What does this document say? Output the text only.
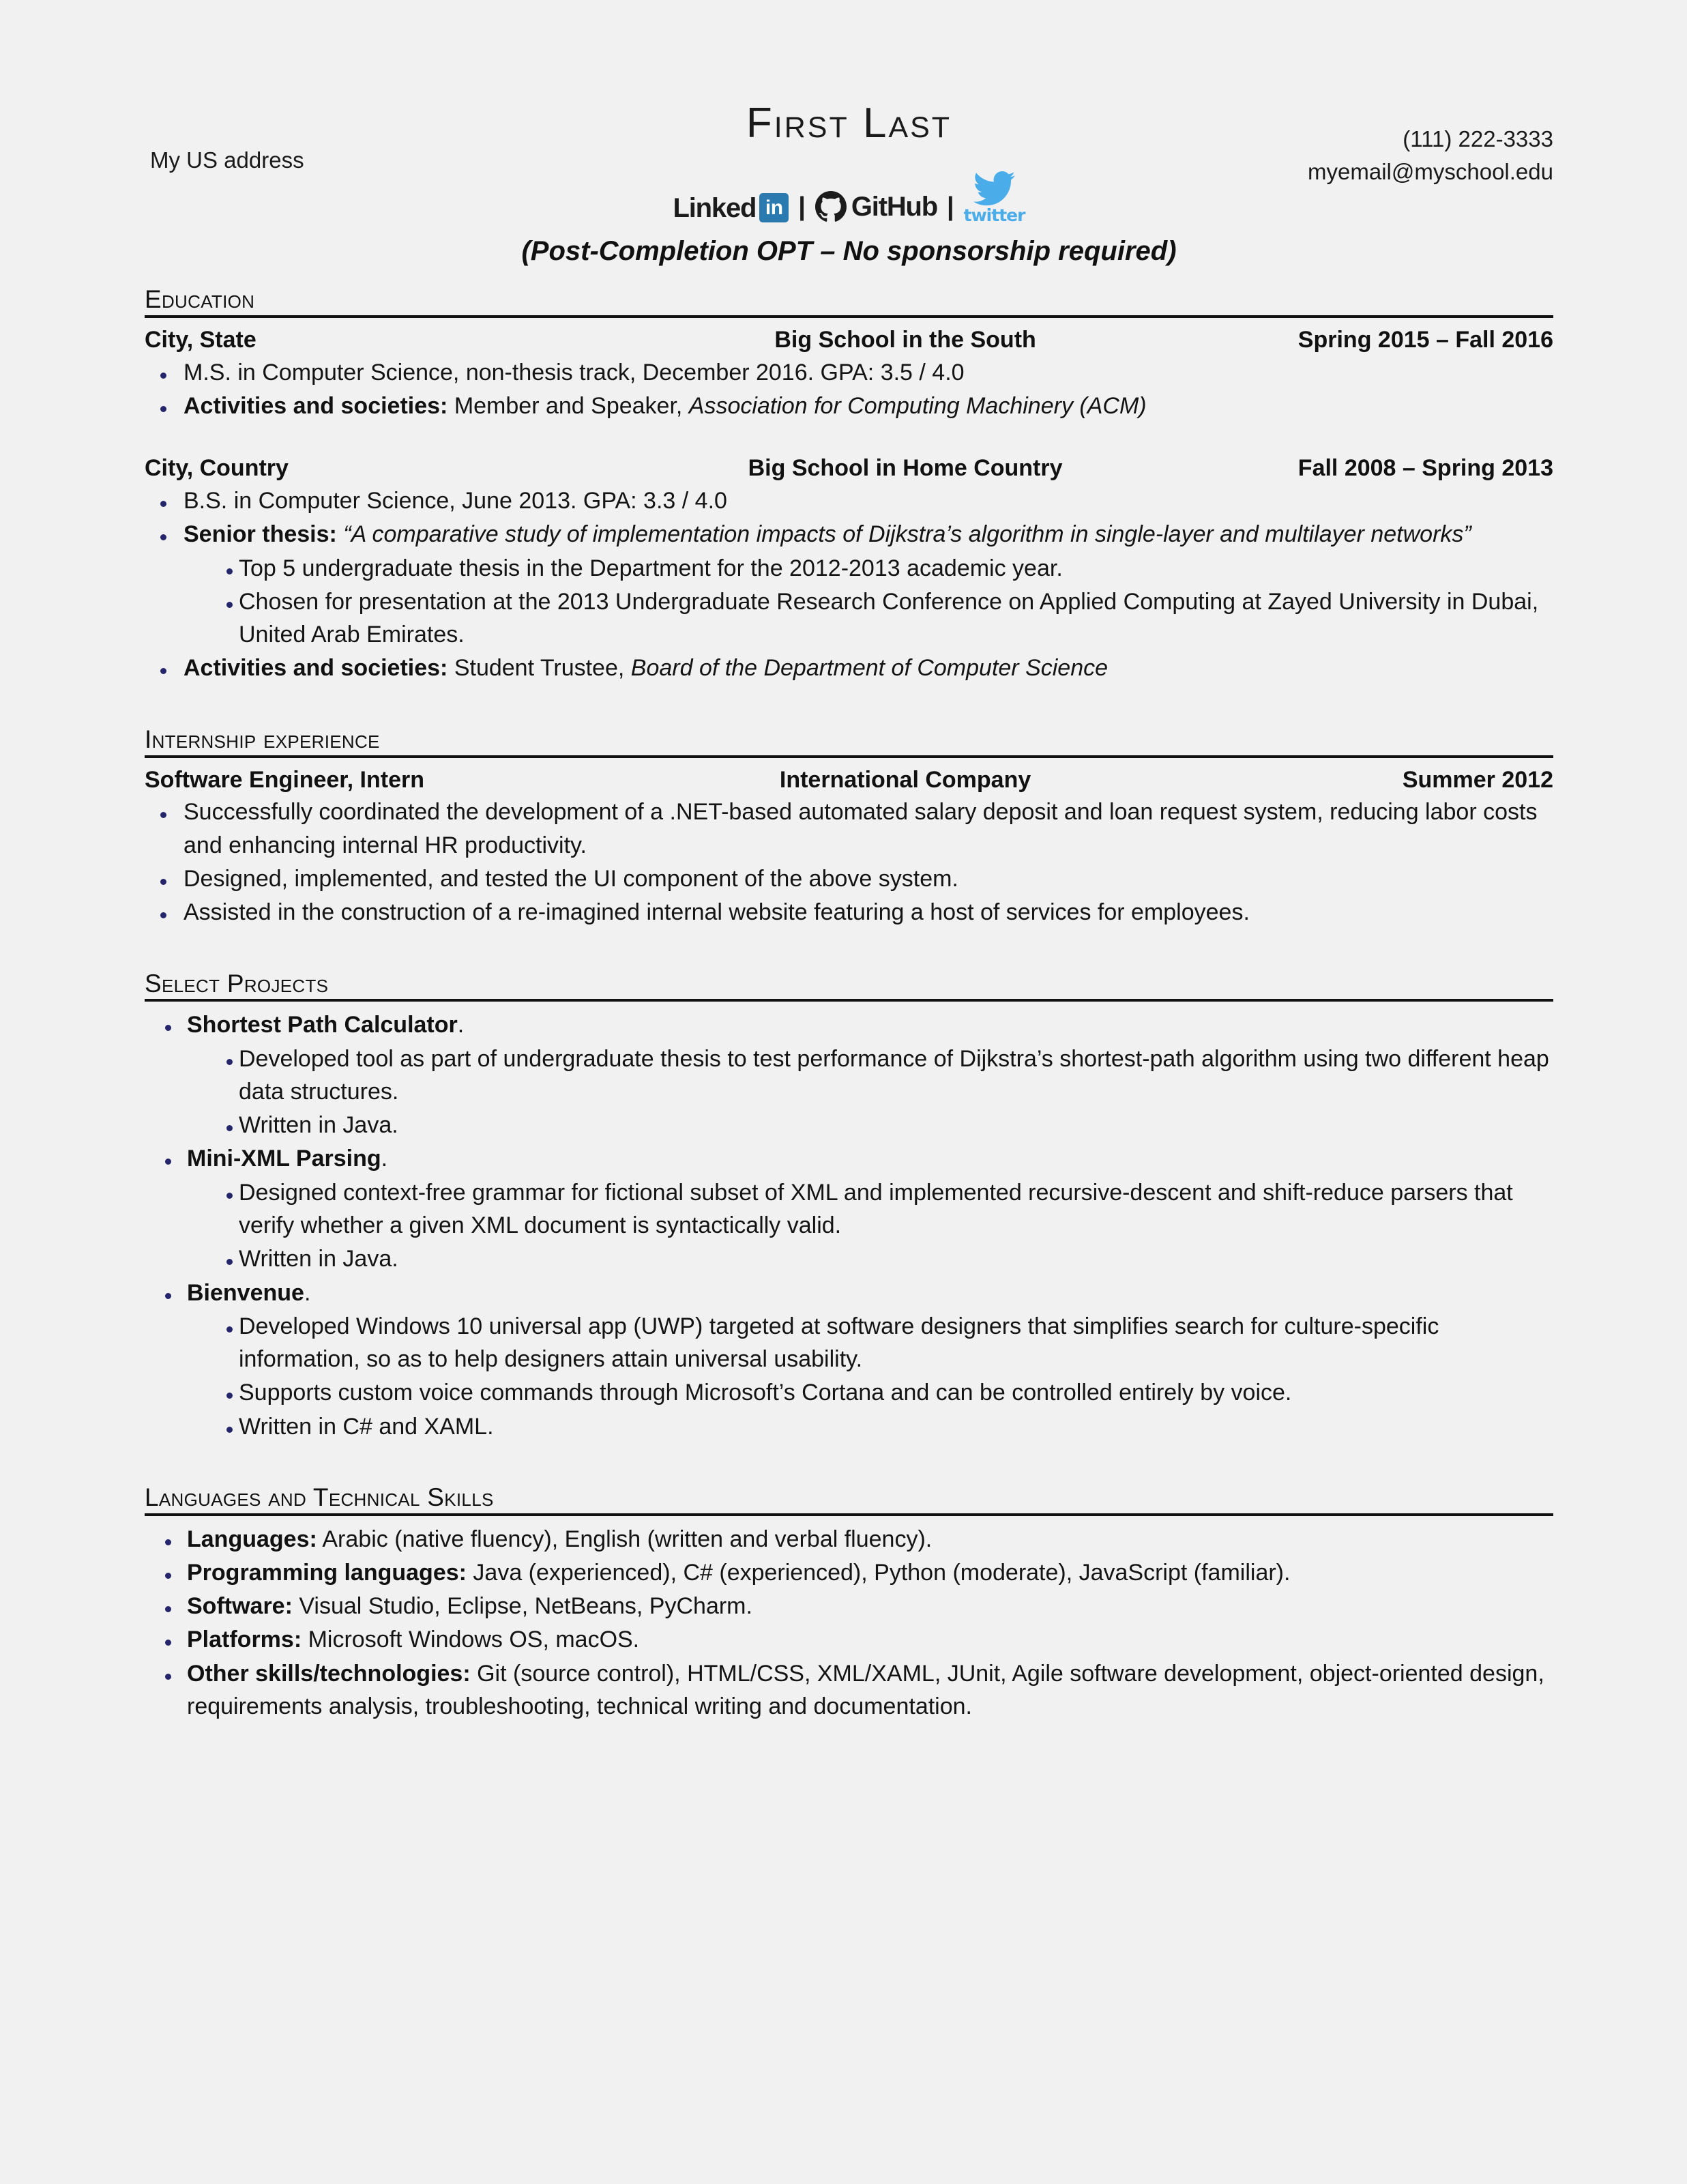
First Last
My US address
(111) 222-3333
myemail@myschool.edu
Linked in | GitHub | twitter
(Post-Completion OPT – No sponsorship required)
Education
City, State	Big School in the South	Spring 2015 – Fall 2016
M.S. in Computer Science, non-thesis track, December 2016. GPA: 3.5 / 4.0
Activities and societies: Member and Speaker, Association for Computing Machinery (ACM)
City, Country	Big School in Home Country	Fall 2008 – Spring 2013
B.S. in Computer Science, June 2013. GPA: 3.3 / 4.0
Senior thesis: “A comparative study of implementation impacts of Dijkstra’s algorithm in single-layer and multilayer networks”
Top 5 undergraduate thesis in the Department for the 2012-2013 academic year.
Chosen for presentation at the 2013 Undergraduate Research Conference on Applied Computing at Zayed University in Dubai, United Arab Emirates.
Activities and societies: Student Trustee, Board of the Department of Computer Science
Internship experience
Software Engineer, Intern	International Company	Summer 2012
Successfully coordinated the development of a .NET-based automated salary deposit and loan request system, reducing labor costs and enhancing internal HR productivity.
Designed, implemented, and tested the UI component of the above system.
Assisted in the construction of a re-imagined internal website featuring a host of services for employees.
Select Projects
Shortest Path Calculator.
Developed tool as part of undergraduate thesis to test performance of Dijkstra’s shortest-path algorithm using two different heap data structures.
Written in Java.
Mini-XML Parsing.
Designed context-free grammar for fictional subset of XML and implemented recursive-descent and shift-reduce parsers that verify whether a given XML document is syntactically valid.
Written in Java.
Bienvenue.
Developed Windows 10 universal app (UWP) targeted at software designers that simplifies search for culture-specific information, so as to help designers attain universal usability.
Supports custom voice commands through Microsoft’s Cortana and can be controlled entirely by voice.
Written in C# and XAML.
Languages and Technical Skills
Languages: Arabic (native fluency), English (written and verbal fluency).
Programming languages: Java (experienced), C# (experienced), Python (moderate), JavaScript (familiar).
Software: Visual Studio, Eclipse, NetBeans, PyCharm.
Platforms: Microsoft Windows OS, macOS.
Other skills/technologies: Git (source control), HTML/CSS, XML/XAML, JUnit, Agile software development, object-oriented design, requirements analysis, troubleshooting, technical writing and documentation.
